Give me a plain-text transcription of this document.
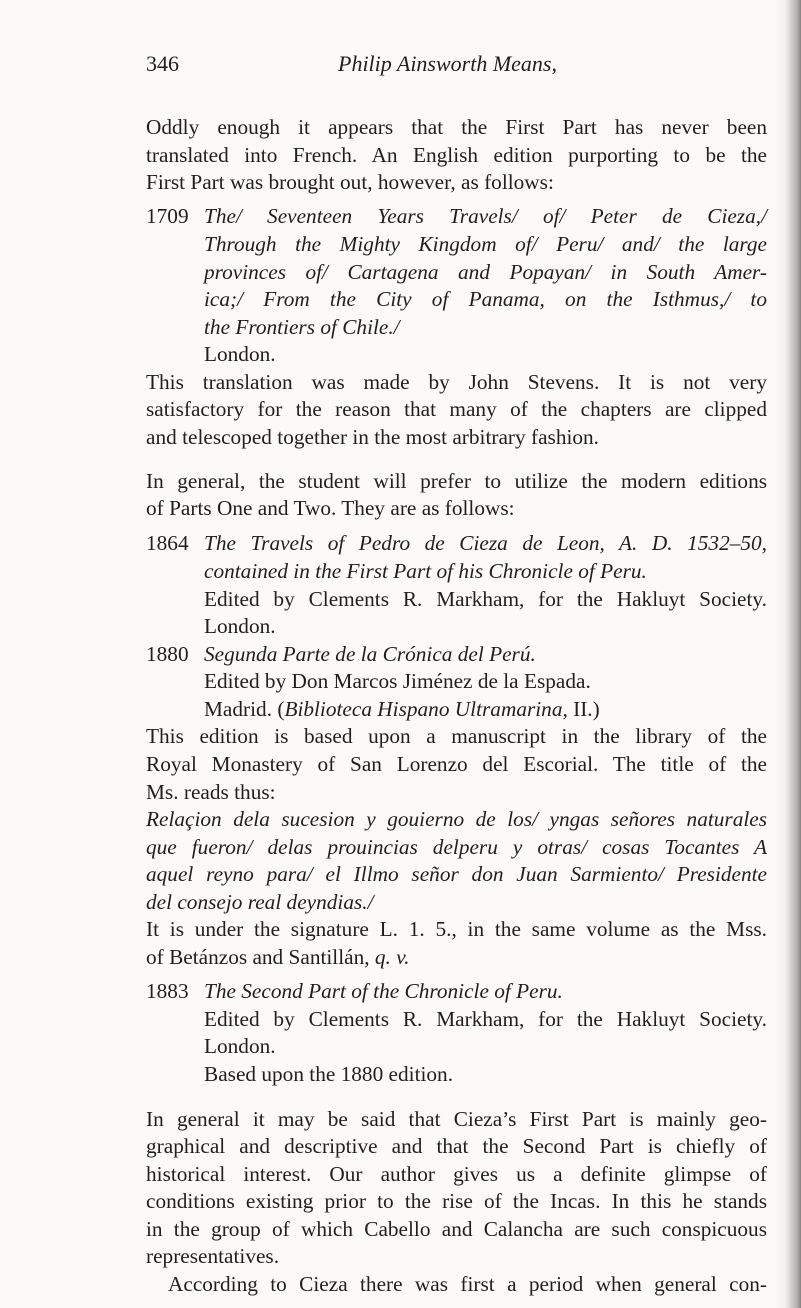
346	Philip Ainsworth Means,
Oddly enough it appears that the First Part has never been
translated into French. An English edition purporting to be the
First Part was brought out, however, as follows:
1709 The/ Seventeen Years Travels/ of/ Peter de Cieza,/
Through the Mighty Kingdom of/ Peru/ and/ the large
provinces of/ Cartagena and Popayan/ in South Amer-
ica;/ From the City of Panama, on the Isthmus,/ to
the Frontiers of Chile./
London.
This translation was made by John Stevens. It is not very
satisfactory for the reason that many of the chapters are clipped
and telescoped together in the most arbitrary fashion.
In general, the student will prefer to utilize the modern editions
of Parts One and Two. They are as follows:
1864 The Travels of Pedro de Cieza de Leon, A. D. 1532–50,
contained in the First Part of his Chronicle of Peru.
Edited by Clements R. Markham, for the Hakluyt Society.
London.
1880 Segunda Parte de la Crónica del Perú.
Edited by Don Marcos Jiménez de la Espada.
Madrid. (Biblioteca Hispano Ultramarina, II.)
This edition is based upon a manuscript in the library of the
Royal Monastery of San Lorenzo del Escorial. The title of the
Ms. reads thus:
Relaçion dela sucesion y gouierno de los/ yngas señores naturales
que fueron/ delas prouincias delperu y otras/ cosas Tocantes A
aquel reyno para/ el Illmo señor don Juan Sarmiento/ Presidente
del consejo real deyndias./
It is under the signature L. 1. 5., in the same volume as the Mss.
of Betánzos and Santillán, q. v.
1883 The Second Part of the Chronicle of Peru.
Edited by Clements R. Markham, for the Hakluyt Society.
London.
Based upon the 1880 edition.
In general it may be said that Cieza’s First Part is mainly geo-
graphical and descriptive and that the Second Part is chiefly of
historical interest. Our author gives us a definite glimpse of
conditions existing prior to the rise of the Incas. In this he stands
in the group of which Cabello and Calancha are such conspicuous
representatives.
According to Cieza there was first a period when general con-
